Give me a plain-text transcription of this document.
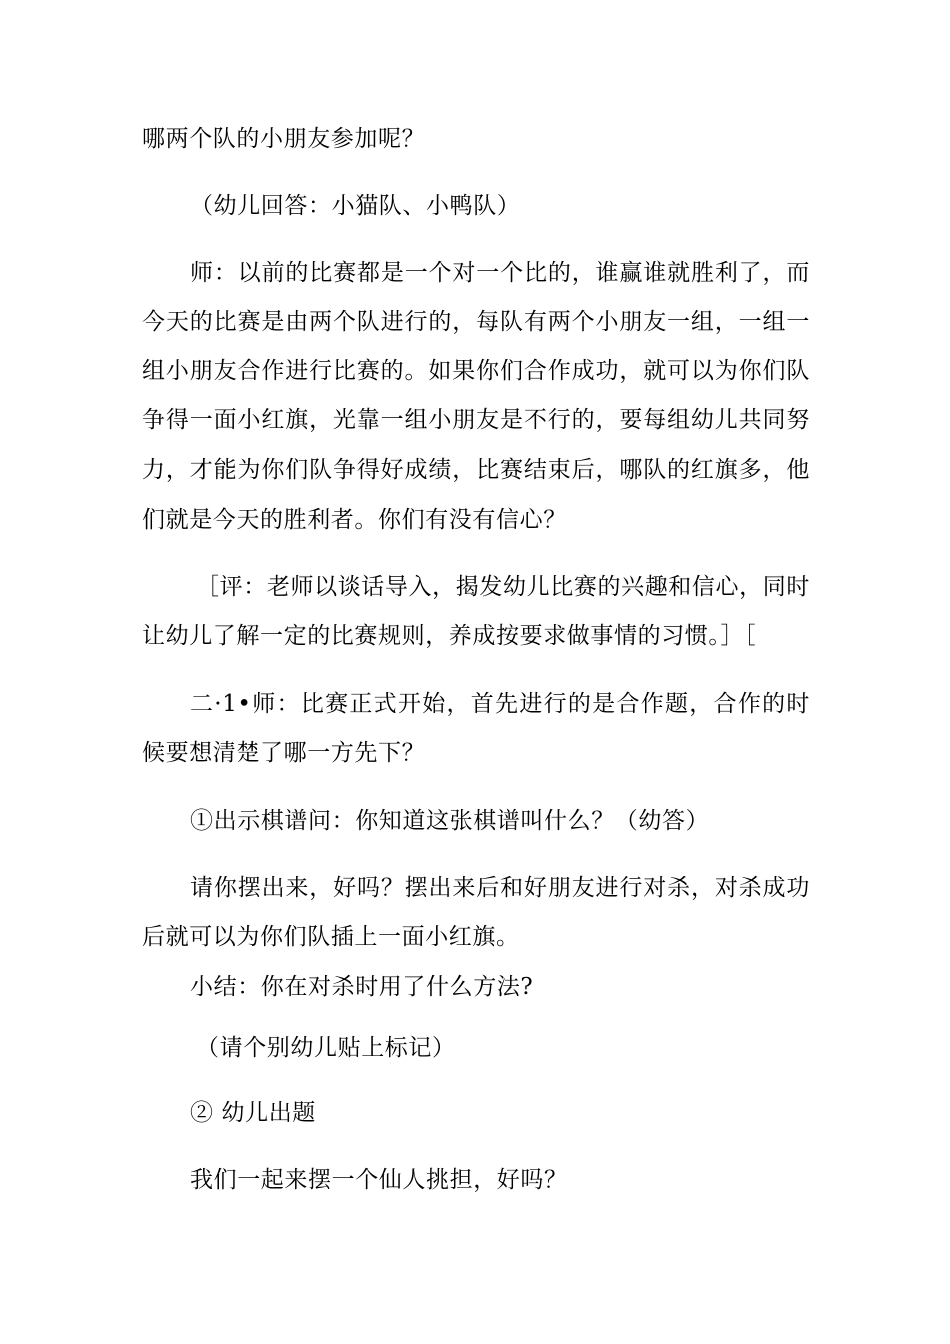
哪两个队的小朋友参加呢？
（幼儿回答：小猫队、小鸭队）
师：以前的比赛都是一个对一个比的，谁赢谁就胜利了，而
今天的比赛是由两个队进行的，每队有两个小朋友一组，一组一
组小朋友合作进行比赛的。如果你们合作成功，就可以为你们队
争得一面小红旗，光靠一组小朋友是不行的，要每组幼儿共同努
力，才能为你们队争得好成绩，比赛结束后，哪队的红旗多，他
们就是今天的胜利者。你们有没有信心？
［评：老师以谈话导入，揭发幼儿比赛的兴趣和信心，同时
让幼儿了解一定的比赛规则，养成按要求做事情的习惯。］［
二·1•师：比赛正式开始，首先进行的是合作题，合作的时
候要想清楚了哪一方先下？
①出示棋谱问：你知道这张棋谱叫什么？（幼答）
请你摆出来，好吗？摆出来后和好朋友进行对杀，对杀成功
后就可以为你们队插上一面小红旗。
小结：你在对杀时用了什么方法?
（请个别幼儿贴上标记）
② 幼儿出题
我们一起来摆一个仙人挑担，好吗？
